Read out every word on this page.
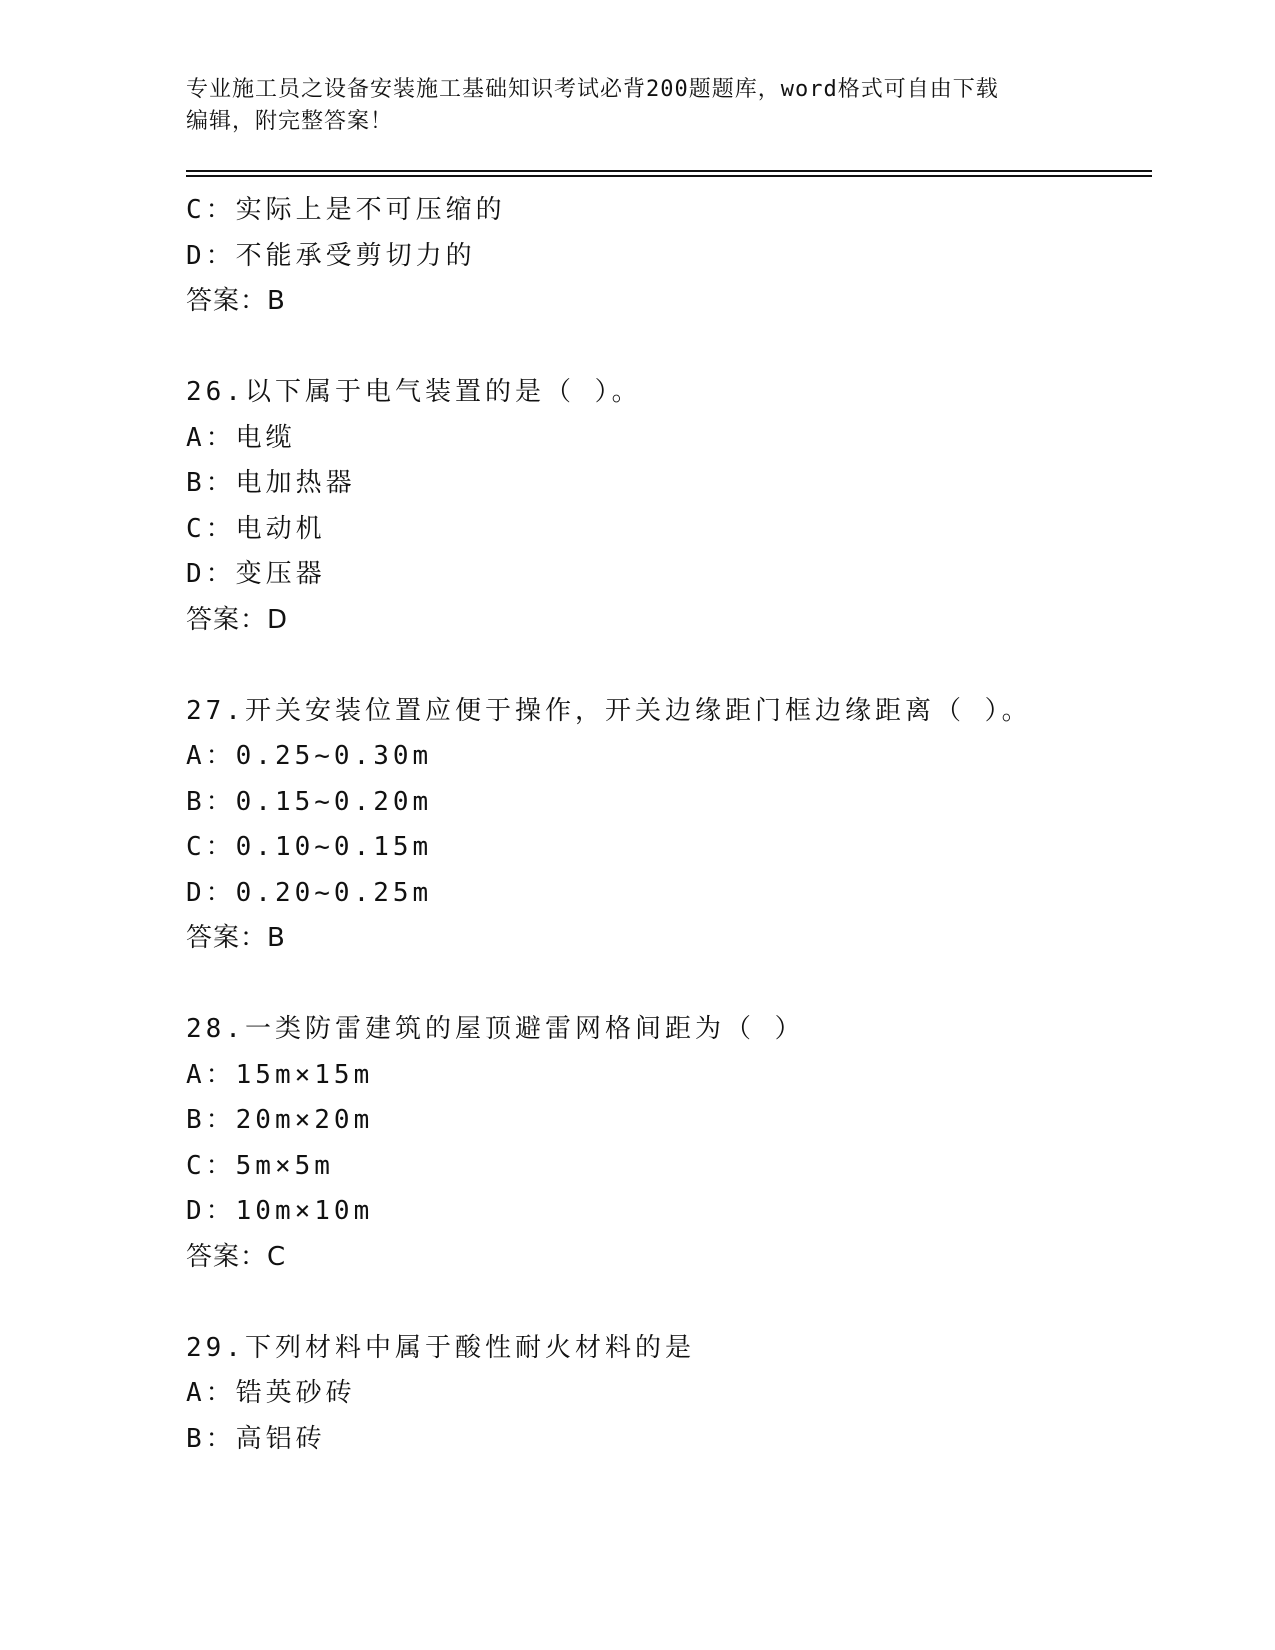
专业施工员之设备安装施工基础知识考试必背200题题库，word格式可自由下载
编辑，附完整答案！
C：实际上是不可压缩的
D：不能承受剪切力的
答案：B
26.以下属于电气装置的是（ ）。
A：电缆
B：电加热器
C：电动机
D：变压器
答案：D
27.开关安装位置应便于操作，开关边缘距门框边缘距离（ ）。
A：0.25~0.30m
B：0.15~0.20m
C：0.10~0.15m
D：0.20~0.25m
答案：B
28.一类防雷建筑的屋顶避雷网格间距为（ ）
A：15m×15m
B：20m×20m
C：5m×5m
D：10m×10m
答案：C
29.下列材料中属于酸性耐火材料的是
A：锆英砂砖
B：高铝砖
